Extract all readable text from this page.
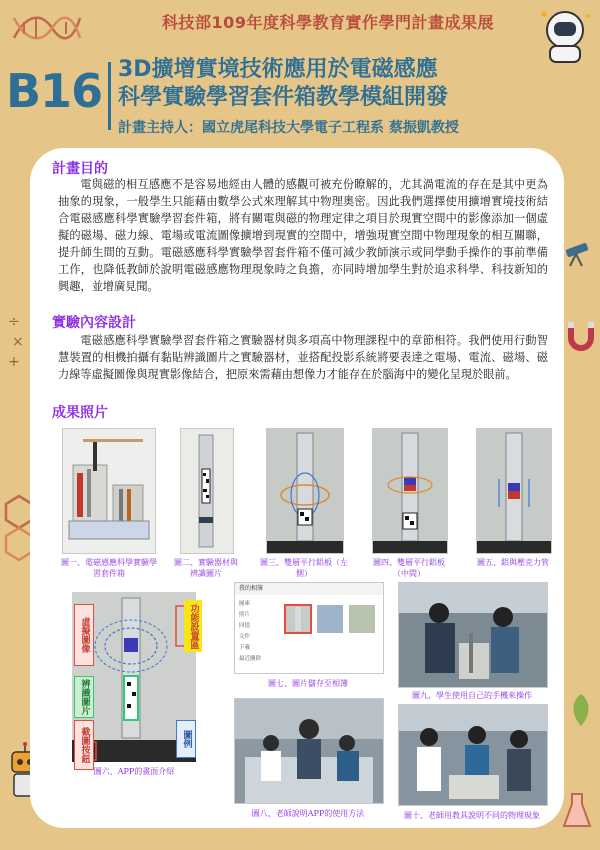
÷
×
+
科技部109年度科學教育實作學門計畫成果展
B16 3D擴增實境技術應用於電磁感應
科學實驗學習套件箱教學模組開發
計畫主持人：國立虎尾科技大學電子工程系 蔡振凱教授
計畫目的

電與磁的相互感應不是容易地經由人體的感觀可被充份瞭解的，尤其渦電流的存在是其中更為抽象的現象，一般學生只能藉由數學公式來理解其中物理奧密。因此我們選擇使用擴增實境技術結合電磁感應科學實驗學習套件箱，將有關電與磁的物理定律之項目於現實空間中的影像添加一個虛擬的磁場、磁力線、電場或電流圖像擴增到現實的空間中，增強現實空間中物理現象的相互關聯，提升師生間的互動。電磁感應科學實驗學習套件箱不僅可減少教師演示或同學動手操作的事前準備工作，也降低教師於說明電磁感應物理現象時之負擔，亦同時增加學生對於追求科學、科技新知的興趣，並增廣見聞。

實驗內容設計

電磁感應科學實驗學習套件箱之實驗器材與多項高中物理課程中的章節相符。我們使用行動智慧裝置的相機拍攝有黏貼辨識圖片之實驗器材，並搭配投影系統將要表達之電場、電流、磁場、磁力線等虛擬圖像與現實影像結合，把原來需藉由想像力才能存在於腦海中的變化呈現於眼前。

成果照片
圖一、電磁感應科學實驗學習套件箱
圖二、實驗器材與辨識圖片
圖三、雙層平行鋁板（左側）
圖四、雙層平行鋁板（中間）
圖五、鋁與壓克力管
虛擬圖像	功能設置區
辨識圖片
截圖按鈕	圖例
圖六、APP的畫面介紹
我的相簿
圖庫
照片
回憶
文件
下載
最近刪除
圖七、圖片儲存至相簿
圖八、老師說明APP的使用方法
圖九、學生使用自己的手機來操作
圖十、老師用教具說明不同的物理現象
